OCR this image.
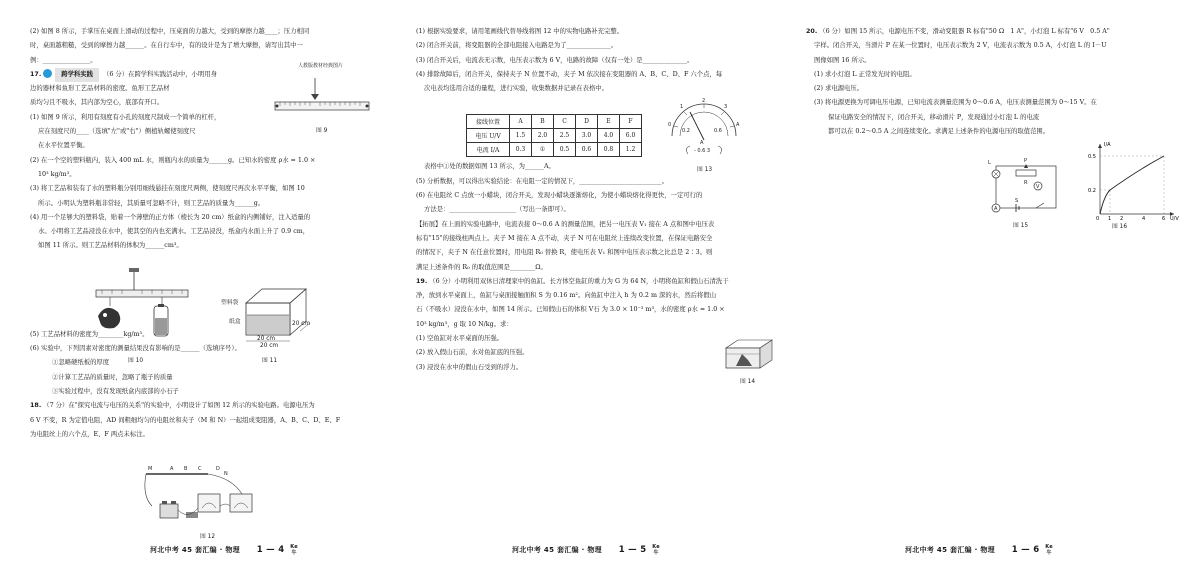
(2) 如图 8 所示，手掌压在桌面上滑动的过程中，压桌面的力越大，受到的摩擦力越____；压力相同

时，桌面越粗糙，受到的摩擦力越______。在自行车中，有的设计是为了增大摩擦，请写出其中一

例：_______________。

17.	跨学科实践 （6 分）在跨学科实践活动中，小明用身

边的器材和鱼形工艺品材料的密度。鱼形工艺品材

质均匀且不吸水，其内部为空心，底部有开口。

(1) 如图 9 所示，利用有刻度有小孔的刻度尺制成一个简单的杠杆，

应在刻度尺的____（选填"左"或"右"）侧植轨螺使刻度尺

在水平位置平衡。

(2) 在一个空的塑料瓶内，装入 400 mL 水，则瓶内水的质量为______g。已知水的密度 ρ水 = 1.0 ×

10³ kg/m³。

(3) 将工艺品和装有了水的塑料瓶分别用细线悬挂在刻度尺两侧，使刻度尺再次水平平衡，如图 10

所示。小明认为塑料瓶非常轻，其质量可忽略不计，则工艺品的质量为______g。

(4) 用一个足够大的塑料袋，贴着一个薄壁的正方体（棱长为 20 cm）纸盒的内侧铺好，注入适量的

水。小明将工艺品浸没在水中，使其空的内也充满水。工艺品浸没，纸盒内水面上升了 0.9 cm，

如图 11 所示。则工艺品材料的体积为______cm³。

(5) 工艺品材料的密度为________kg/m³。

(6) 实验中，下列因素对密度的测量结果没有影响的是______（选填序号）。

①忽略硬纸板的厚度

②计算工艺品的质量时，忽略了瓶子的质量

③实验过程中，没有发现纸盒内底部的小石子

18. （7 分）在"探究电流与电压的关系"的实验中，小明设计了如图 12 所示的实验电路。电源电压为

6 V 不变，R 为定值电阻，AD 间粗细均匀的电阻丝和夹子（M 和 N）一起组成变阻器，A、B、C、D、E、F

为电阻丝上的六个点，E、F 两点未标注。

人教版教材经典图片
图 9
图 10
塑料袋
纸盒
20 cm
20 cm
20 cm
图 11
M	A B C	D
N
图 12
河北中考 45 套汇编 · 物理 1 — 4 Ke
牛

(1) 根据实验要求，请用笔画线代替导线将图 12 中的实物电路补充完整。

(2) 闭合开关前，将变阻器的全部电阻接入电路是为了______________。

(3) 闭合开关后，电流表无示数，电压表示数为 6 V，电路的故障（仅有一处）是______________。

(4) 排除故障后，闭合开关，保持夹子 N 位置不动，夹子 M 依次接在变阻器的 A、B、C、D、F 六个点，每

次电表均选用合适的量程，进行实验，收集数据并记录在表格中。

表格中①处的数据如图 13 所示，为______A。

(5) 分析数据，可以得出实验结论：在电阻一定的情况下，__________________________。

(6) 在电阻丝 C 点放一小蜡块，闭合开关，发现小蜡块逐渐熔化，为使小蜡块熔化得更快，一定可行的

方法是：_____________________（写出一条即可）。

【拓展】在上面的实验电路中，电流表接 0～0.6 A 的测量范围，把另一电压表 V₁ 接在 A 点和图中电压表

标有"15"的接线柱两点上。夹子 M 接在 A 点不动，夹子 N 可在电阻丝上连续改变位置，在保证电路安全

的情况下，夹子 N 在任意位置时，用电阻 R₀ 替换 R，使电压表 V₁ 和图中电压表示数之比总是 2∶3。则

满足上述条件的 R₀ 的取值范围是________Ω。

19. （6 分）小明利用双休日清理家中的鱼缸。长方体空鱼缸的重力为 G 为 64 N，小明将鱼缸和假山石清洗干

净，放到水平桌面上，鱼缸与桌面接触面积 S 为 0.16 m²。向鱼缸中注入 h 为 0.2 m 深的水，然后将假山

石（不吸水）浸没在水中，如图 14 所示。已知假山石的体积 V石 为 3.0 × 10⁻³ m³，水的密度 ρ水 = 1.0 ×

10³ kg/m³，g 取 10 N/kg。求：

(1) 空鱼缸对水平桌面的压强。

(2) 放入假山石前，水对鱼缸底的压强。

(3) 浸没在水中的假山石受到的浮力。

接线位置	A	B	C	D	E	F
电压 U/V	1.5	2.0	2.5	3.0	4.0	6.0
电流 I/A	0.3	①	0.5	0.6	0.8	1.2
0
1
2
3
A
0.2	0.6
A
- 0.6 3
图 13
图 14
河北中考 45 套汇编 · 物理 1 — 5 Ke
牛

20. （6 分）如图 15 所示，电源电压不变，滑动变阻器 R 标有"50 Ω　1 A"，小灯泡 L 标有"6 V　0.5 A"

字样。闭合开关，当滑片 P 在某一位置时，电压表示数为 2 V，电流表示数为 0.5 A，小灯泡 L 的 I－U

图像如图 16 所示。

(1) 求小灯泡 L 正常发光时的电阻。

(2) 求电源电压。

(3) 将电源更换为可调电压电源，已知电流表测量范围为 0～0.6 A，电压表测量范围为 0～15 V。在

保证电路安全的情况下，闭合开关，移动滑片 P，发现通过小灯泡 L 的电流

都可以在 0.2～0.5 A 之间连续变化。求满足上述条件的电源电压的取值范围。

L	P
R
V
A
S
图 15
I/A
U/V
0.5
0.2
0 1 2	4	6
图 16
河北中考 45 套汇编 · 物理 1 — 6 Ke
牛
